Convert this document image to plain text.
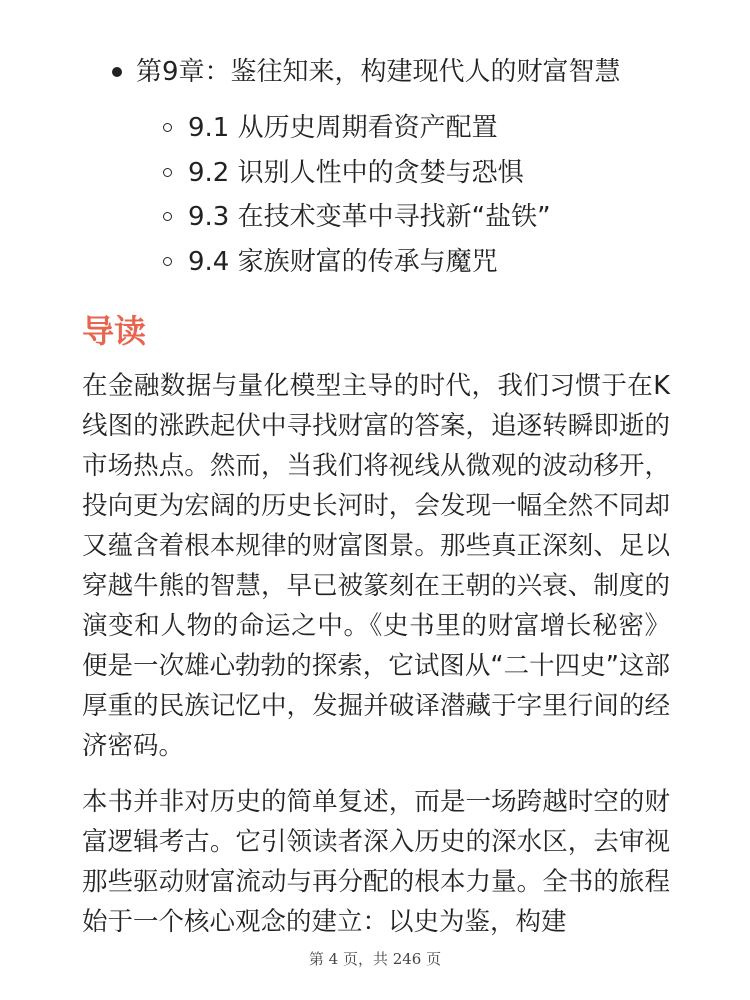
第9章：鉴往知来，构建现代人的财富智慧
9.1 从历史周期看资产配置
9.2 识别人性中的贪婪与恐惧
9.3 在技术变革中寻找新“盐铁”
9.4 家族财富的传承与魔咒
导读

在金融数据与量化模型主导的时代，我们习惯于在K线图的涨跌起伏中寻找财富的答案，追逐转瞬即逝的市场热点。然而，当我们将视线从微观的波动移开，投向更为宏阔的历史长河时，会发现一幅全然不同却又蕴含着根本规律的财富图景。那些真正深刻、足以穿越牛熊的智慧，早已被篆刻在王朝的兴衰、制度的演变和人物的命运之中。《史书里的财富增长秘密》便是一次雄心勃勃的探索，它试图从“二十四史”这部厚重的民族记忆中，发掘并破译潜藏于字里行间的经济密码。

本书并非对历史的简单复述，而是一场跨越时空的财富逻辑考古。它引领读者深入历史的深水区，去审视那些驱动财富流动与再分配的根本力量。全书的旅程始于一个核心观念的建立：以史为鉴，构建

第 4 页，共 246 页
